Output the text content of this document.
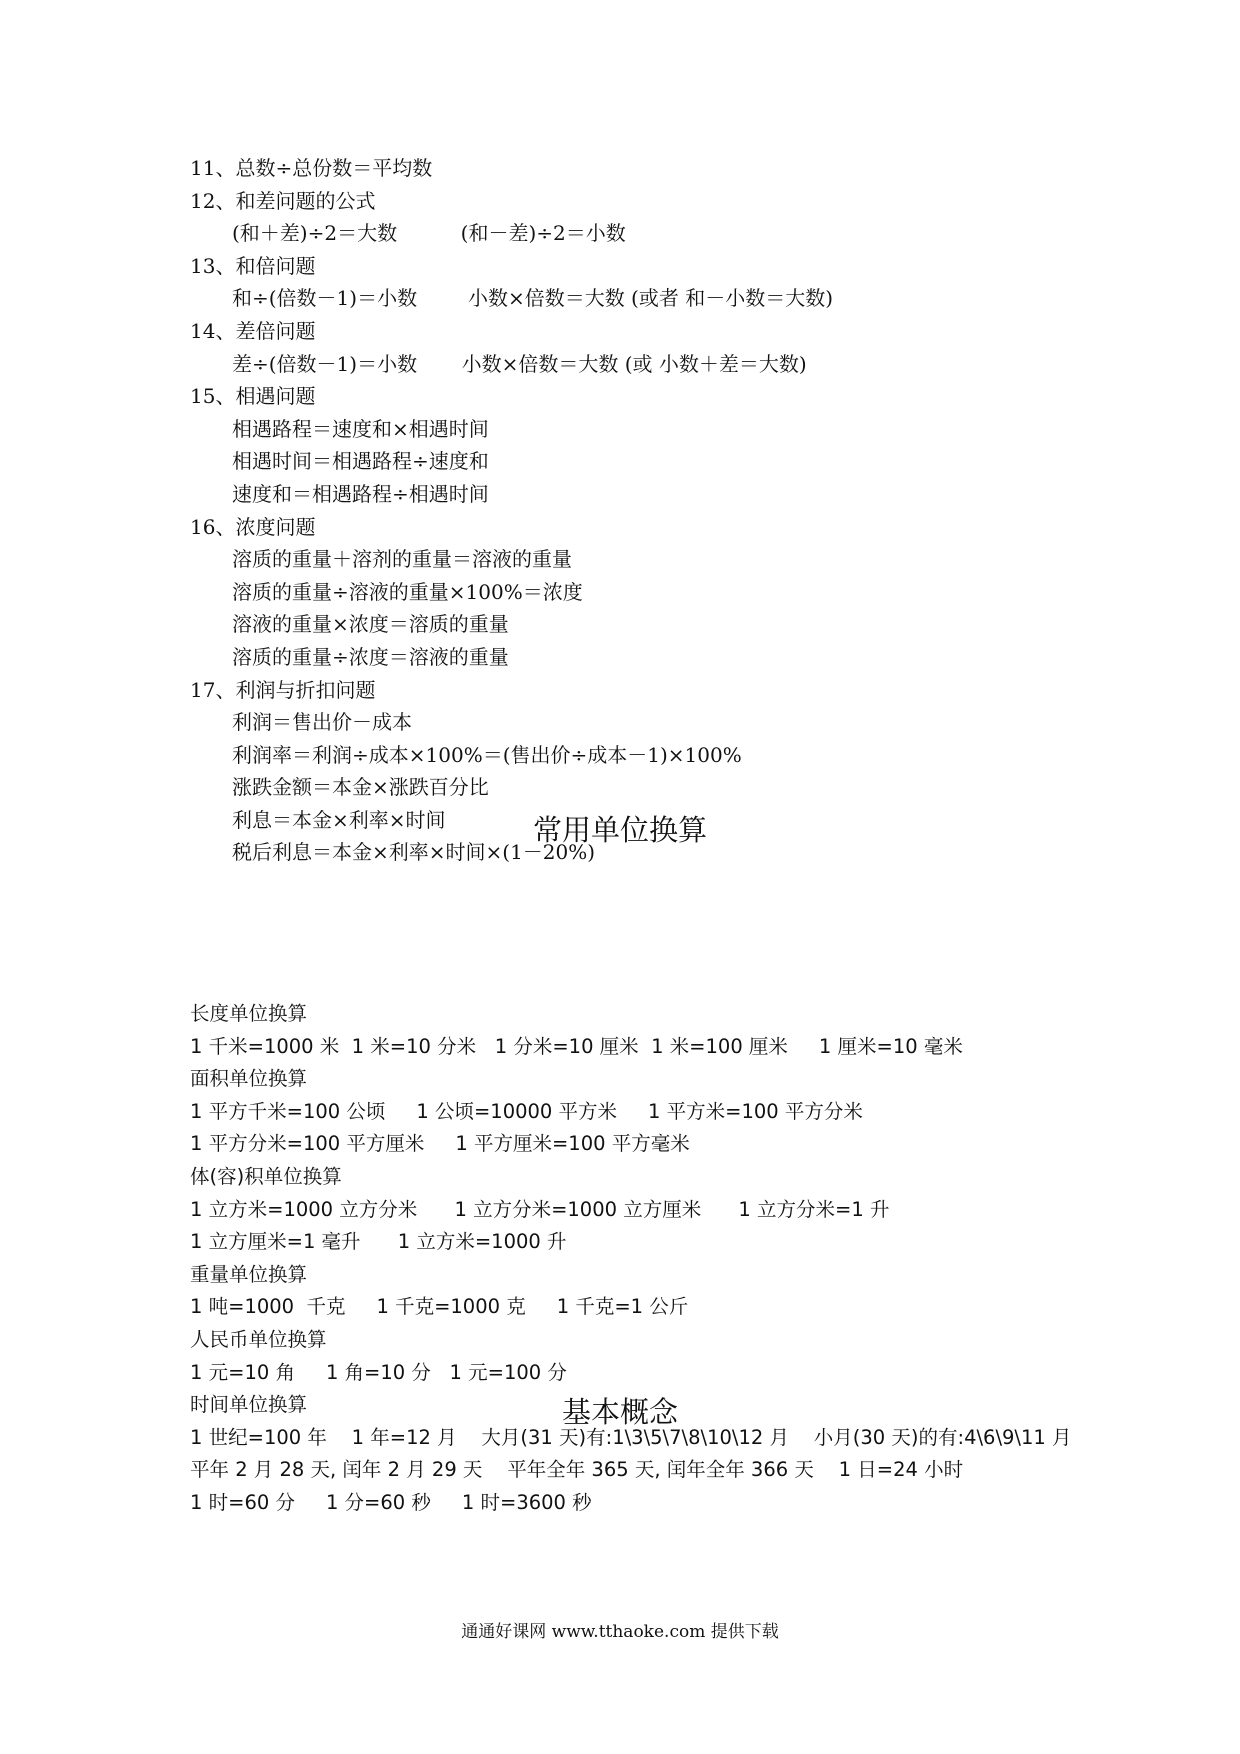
11、总数÷总份数＝平均数
12、和差问题的公式
(和＋差)÷2＝大数          (和－差)÷2＝小数
13、和倍问题
和÷(倍数－1)＝小数        小数×倍数＝大数 (或者 和－小数＝大数)
14、差倍问题
差÷(倍数－1)＝小数       小数×倍数＝大数 (或 小数＋差＝大数)
15、相遇问题
相遇路程＝速度和×相遇时间
相遇时间＝相遇路程÷速度和
速度和＝相遇路程÷相遇时间
16、浓度问题
溶质的重量＋溶剂的重量＝溶液的重量
溶质的重量÷溶液的重量×100%＝浓度
溶液的重量×浓度＝溶质的重量
溶质的重量÷浓度＝溶液的重量
17、利润与折扣问题
利润＝售出价－成本
利润率＝利润÷成本×100%＝(售出价÷成本－1)×100%
涨跌金额＝本金×涨跌百分比
利息＝本金×利率×时间
税后利息＝本金×利率×时间×(1－20%)
常用单位换算
长度单位换算
1 千米=1000 米  1 米=10 分米   1 分米=10 厘米  1 米=100 厘米     1 厘米=10 毫米
面积单位换算
1 平方千米=100 公顷     1 公顷=10000 平方米     1 平方米=100 平方分米
1 平方分米=100 平方厘米     1 平方厘米=100 平方毫米
体(容)积单位换算
1 立方米=1000 立方分米      1 立方分米=1000 立方厘米      1 立方分米=1 升
1 立方厘米=1 毫升      1 立方米=1000 升
重量单位换算
1 吨=1000  千克     1 千克=1000 克     1 千克=1 公斤
人民币单位换算
1 元=10 角     1 角=10 分   1 元=100 分
时间单位换算
1 世纪=100 年    1 年=12 月    大月(31 天)有:1\3\5\7\8\10\12 月    小月(30 天)的有:4\6\9\11 月
平年 2 月 28 天, 闰年 2 月 29 天    平年全年 365 天, 闰年全年 366 天    1 日=24 小时
1 时=60 分     1 分=60 秒     1 时=3600 秒
基本概念
通通好课网 www.tthaoke.com 提供下载
